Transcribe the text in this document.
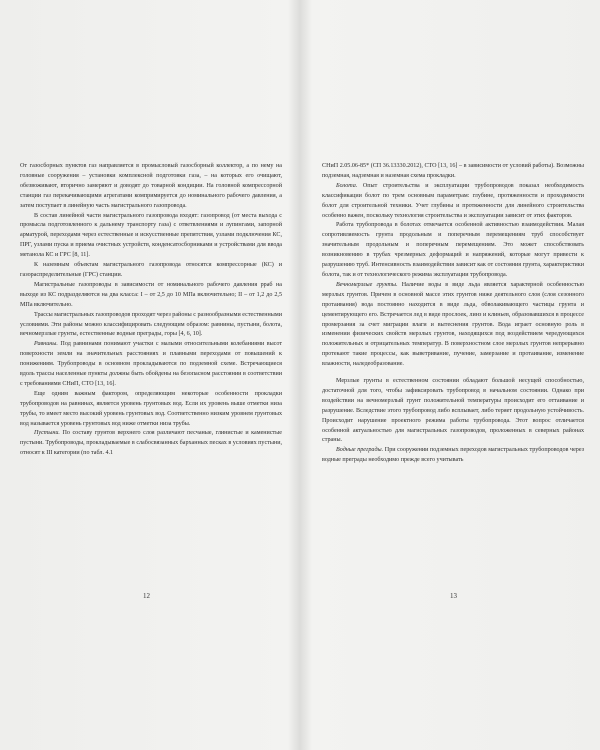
От газосборных пунктов газ направляется в промысловый газосборный коллектор, а по нему на головные сооружения – установки комплексной подготовки газа, – на которых его очищают, обезвоживают, вторично замеряют и доводят до товарной кондиции. На головной компрессорной станции газ перекачивающими агрегатами компримируется до номинального рабочего давления, а затем поступает в линейную часть магистрального газопровода.

В состав линейной части магистрального газопровода входят: газопровод (от места выхода с промысла подготовленного к дальнему транспорту газа) с ответвлениями и лупингами, запорной арматурой, переходами через естественные и искусственные препятствия, узлами подключения КС, ПРГ, узлами пуска и приема очистных устройств, конденсатосборниками и устройствами для ввода метанола КС и ГРС [8, 11].

К наземным объектам магистрального газопровода относятся компрессорные (КС) и газораспределительные (ГРС) станции.

Магистральные газопроводы в зависимости от номинального рабочего давления pраб на выходе из КС подразделяются на два класса: I – от 2,5 до 10 МПа включительно; II – от 1,2 до 2,5 МПа включительно.

Трассы магистральных газопроводов проходят через районы с разнообразными естественными условиями. Эти районы можно классифицировать следующим образом: равнины, пустыни, болота, вечномерзлые грунты, естественные водные преграды, горы [4, 6, 10].

Равнины. Под равнинами понимают участки с малыми относительными колебаниями высот поверхности земли на значительных расстояниях и плавными переходами от повышений к понижениям. Трубопроводы в основном прокладываются по подземной схеме. Встречающиеся вдоль трассы населенные пункты должны быть обойдены на безопасном расстоянии в соответствии с требованиями СНиП, СТО [13, 16].

Еще одним важным фактором, определяющим некоторые особенности прокладки трубопроводов на равнинах, является уровень грунтовых вод. Если их уровень выше отметки низа трубы, то имеет место высокий уровень грунтовых вод. Соответственно низким уровнем грунтовых вод называется уровень грунтовых вод ниже отметки низа трубы.

Пустыни. По составу грунтов верхнего слоя различают песчаные, глинистые и каменистые пустыни. Трубопроводы, прокладываемые в слабосвязанных барханных песках в условиях пустыни, относят к III категории (по табл. 4.1

12

СНиП 2.05.06-85* (СП 36.13330.2012), СТО [13, 16] – в зависимости от условий работы). Возможны подземная, надземная и наземная схема прокладки.

Болота. Опыт строительства и эксплуатации трубопроводов показал необходимость классификации болот по трем основным параметрам: глубине, протяженности и проходимости болот для строительной техники. Учет глубины и протяженности для линейного строительства особенно важен, поскольку технология строительства и эксплуатации зависит от этих факторов.

Работа трубопровода в болотах отмечается особенной активностью взаимодействия. Малая сопротивляемость грунта продольным и поперечным перемещениям труб способствует значительным продольным и поперечным перемещениям. Это может способствовать возникновению в трубах чрезмерных деформаций и напряжений, которые могут привести к разрушению труб. Интенсивность взаимодействия зависит как от состояния грунта, характеристики болота, так и от технологического режима эксплуатации трубопровода.

Вечномерзлые грунты. Наличие воды в виде льда является характерной особенностью мерзлых грунтов. Причем в основной массе этих грунтов ниже деятельного слоя (слоя сезонного протаивания) вода постоянно находится в виде льда, обволакивающего частицы грунта и цементирующего его. Встречается лед в виде прослоек, линз и клиньев, образовавшихся в процессе промерзания за счет миграции влаги и вытеснения грунтов. Вода играет основную роль в изменении физических свойств мерзлых грунтов, находящихся под воздействием чередующихся положительных и отрицательных температур. В поверхностном слое мерзлых грунтов непрерывно протекают такие процессы, как выветривание, пучение, замерзание и протаивание, изменение влажности, наледеобразование.

Мерзлые грунты в естественном состоянии обладают большой несущей способностью, достаточной для того, чтобы зафиксировать трубопровод в начальном состоянии. Однако при воздействии на вечномерзлый грунт положительной температуры происходит его оттаивание и разрушение. Вследствие этого трубопровод либо всплывает, либо теряет продольную устойчивость. Происходит нарушение проектного режима работы трубопровода. Этот вопрос отличается особенной актуальностью для магистральных газопроводов, проложенных в северных районах страны.

Водные преграды. При сооружении подземных переходов магистральных трубопроводов через водные преграды необходимо прежде всего учитывать

13
